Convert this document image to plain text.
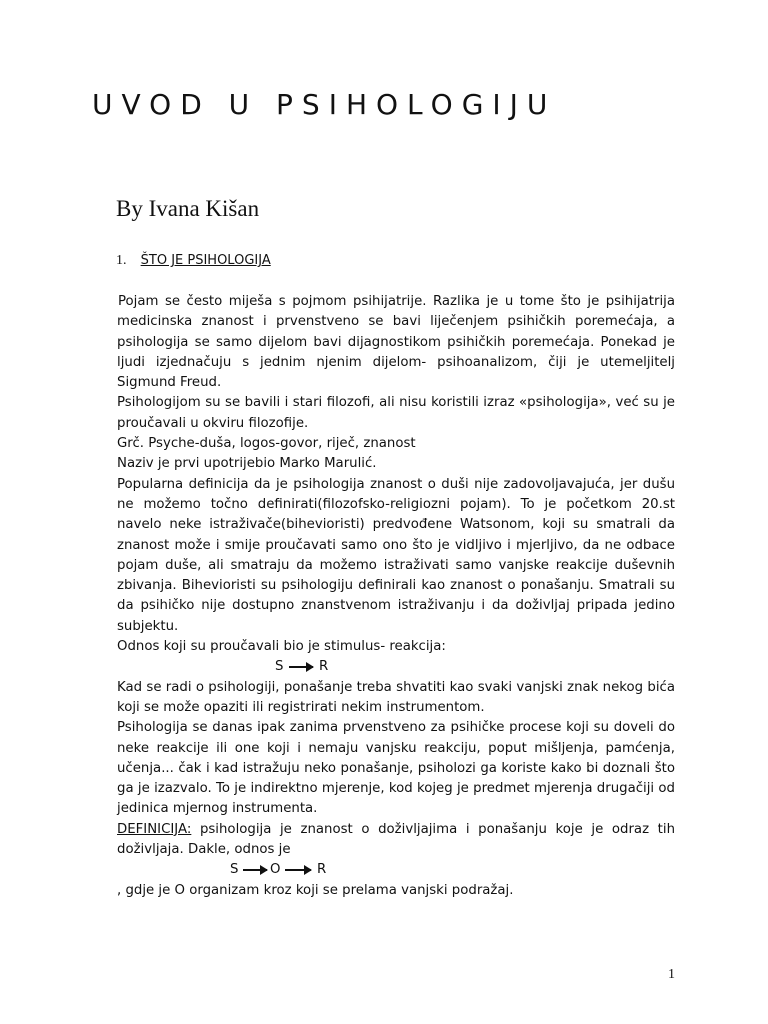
UVOD U PSIHOLOGIJU
By Ivana Kišan
1. ŠTO JE PSIHOLOGIJA

Pojam se često miješa s pojmom psihijatrije. Razlika je u tome što je psihijatrija medicinska znanost i prvenstveno se bavi liječenjem psihičkih poremećaja, a psihologija se samo dijelom bavi dijagnostikom psihičkih poremećaja. Ponekad je ljudi izjednačuju s jednim njenim dijelom- psihoanalizom, čiji je utemeljitelj Sigmund Freud.

Psihologijom su se bavili i stari filozofi, ali nisu koristili izraz «psihologija», već su je proučavali u okviru filozofije.

Grč. Psyche-duša, logos-govor, riječ, znanost

Naziv je prvi upotrijebio Marko Marulić.

Popularna definicija da je psihologija znanost o duši nije zadovoljavajuća, jer dušu ne možemo točno definirati(filozofsko-religiozni pojam). To je početkom 20.st navelo neke istraživače(bihevioristi) predvođene Watsonom, koji su smatrali da znanost može i smije proučavati samo ono što je vidljivo i mjerljivo, da ne odbace pojam duše, ali smatraju da možemo istraživati samo vanjske reakcije duševnih zbivanja. Bihevioristi su psihologiju definirali kao znanost o ponašanju. Smatrali su da psihičko nije dostupno znanstvenom istraživanju i da doživljaj pripada jedino subjektu.

Odnos koji su proučavali bio je stimulus- reakcija:

S	R

Kad se radi o psihologiji, ponašanje treba shvatiti kao svaki vanjski znak nekog bića koji se može opaziti ili registrirati nekim instrumentom.

Psihologija se danas ipak zanima prvenstveno za psihičke procese koji su doveli do neke reakcije ili one koji i nemaju vanjsku reakciju, poput mišljenja, pamćenja, učenja... čak i kad istražuju neko ponašanje, psiholozi ga koriste kako bi doznali što ga je izazvalo. To je indirektno mjerenje, kod kojeg je predmet mjerenja drugačiji od jedinica mjernog instrumenta.

DEFINICIJA: psihologija je znanost o doživljajima i ponašanju koje je odraz tih doživljaja. Dakle, odnos je

S O	R

, gdje je O organizam kroz koji se prelama vanjski podražaj.

1
